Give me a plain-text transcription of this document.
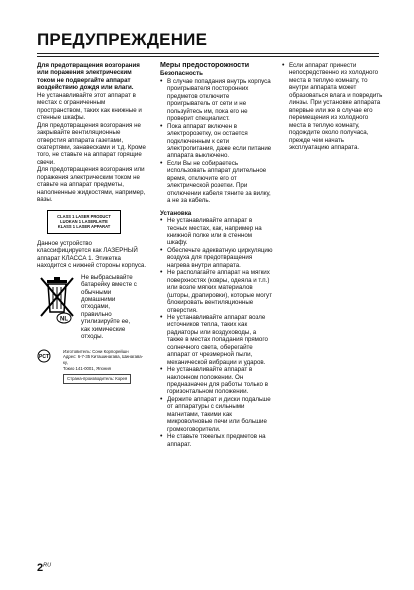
ПРЕДУПРЕЖДЕНИЕ

Для предотвращения возгорания или поражения электрическим током не подвергайте аппарат воздействию дождя или влаги.

Не устанавливайте этот аппарат в местах с ограниченным пространством, таких как книжные и стенные шкафы.

Для предотвращения возгорания не закрывайте вентиляционные отверстия аппарата газетами, скатертями, занавесками и т.д. Кроме того, не ставьте на аппарат горящие свечи.

Для предотвращения возгорания или поражения электрическим током не ставьте на аппарат предметы, наполненные жидкостями, например, вазы.

CLASS 1 LASER PRODUCT
LUOKAN 1 LASERLAITE
KLASS 1 LASER APPARAT

Данное устройство классифицируется как ЛАЗЕРНЫЙ аппарат КЛАССА 1. Этикетка находится с нижней стороны корпуса.

NL
Не выбрасывайте батарейку вместе с обычными домашними отходами, правильно утилизируйте ее, как химические отходы.
PCT
Изготовитель: Сони Корпорейшн
Адрес: 6-7-35 Киташинагава, Шинагава-ку,
Токио 141-0001, Япония
Страна-производитель: Корея
Меры предосторожности
Безопасность
• В случае попадания внутрь корпуса проигрывателя посторонних предметов отключите проигрыватель от сети и не пользуйтесь им, пока его не проверит специалист.
• Пока аппарат включен в электророзетку, он остается подключенным к сети электропитания, даже если питание аппарата выключено.
• Если Вы не собираетесь использовать аппарат длительное время, отключите его от электрической розетки. При отключении кабеля тяните за вилку, а не за кабель.
Установка
• Не устанавливайте аппарат в тесных местах, как, например на книжной полке или в стенном шкафу.
• Обеспечьте адекватную циркуляцию воздуха для предотвращения нагрева внутри аппарата.
• Не располагайте аппарат на мягких поверхностях (ковры, одеяла и т.п.) или возле мягких материалов (шторы, драпировки), которые могут блокировать вентиляционные отверстия.
• Не устанавливайте аппарат возле источников тепла, таких как радиаторы или воздуховоды, а также в местах попадания прямого солнечного света, оберегайте аппарат от чрезмерной пыли, механической вибрации и ударов.
• Не устанавливайте аппарат в наклонном положении. Он предназначен для работы только в горизонтальном положении.
• Держите аппарат и диски подальше от аппаратуры с сильными магнитами, такими как микроволновые печи или большие громкоговорители.
• Не ставьте тяжелых предметов на аппарат.
• Если аппарат принести непосредственно из холодного места в теплую комнату, то внутри аппарата может образоваться влага и повредить линзы. При установке аппарата впервые или же в случае его перемещения из холодного места в теплую комнату, подождите около получаса, прежде чем начать эксплуатацию аппарата.
$2^{RU}$
